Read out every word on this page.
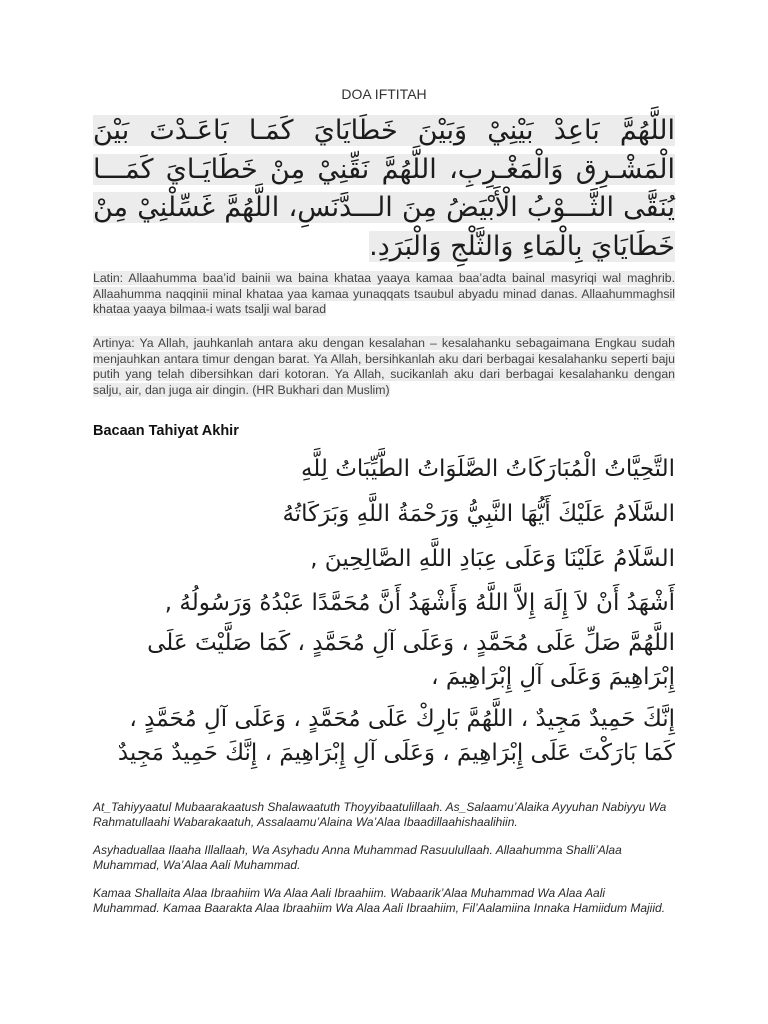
DOA IFTITAH
اللَّهُمَّ بَاعِدْ بَيْنِيْ وَبَيْنَ خَطَايَايَ كَمَـا بَاعَـدْتَ بَيْنَ الْمَشْـرِق وَالْمَغْـرِبِ، اللَّهُمَّ نَقِّنِيْ مِنْ خَطَايَـايَ كَمَـــا يُنَقَّى الثَّـــوْبُ الْأَبْيَضُ مِنَ الـــدَّنَسِ، اللَّهُمَّ غَسِّلْنِيْ مِنْ خَطَايَايَ بِالْمَاءِ وَالثَّلْجِ وَالْبَرَدِ.
Latin: Allaahumma baa’id bainii wa baina khataa yaaya kamaa baa’adta bainal masyriqi wal maghrib. Allaahumma naqqinii minal khataa yaa kamaa yunaqqats tsaubul abyadu minad danas. Allaahummaghsil khataa yaaya bilmaa-i wats tsalji wal barad
Artinya: Ya Allah, jauhkanlah antara aku dengan kesalahan – kesalahanku sebagaimana Engkau sudah menjauhkan antara timur dengan barat. Ya Allah, bersihkanlah aku dari berbagai kesalahanku seperti baju putih yang telah dibersihkan dari kotoran. Ya Allah, sucikanlah aku dari berbagai kesalahanku dengan salju, air, dan juga air dingin. (HR Bukhari dan Muslim)
Bacaan Tahiyat Akhir
التَّحِيَّاتُ الْمُبَارَكَاتُ الصَّلَوَاتُ الطَّيِّبَاتُ لِلَّهِ
السَّلَامُ عَلَيْكَ أَيُّهَا النَّبِيُّ وَرَحْمَةُ اللَّهِ وَبَرَكَاتُهُ
السَّلَامُ عَلَيْنَا وَعَلَى عِبَادِ اللَّهِ الصَّالِحِينَ ,
أَشْهَدُ أَنْ لاَ إِلَهَ إِلاَّ اللَّهُ وَأَشْهَدُ أَنَّ مُحَمَّدًا عَبْدُهُ وَرَسُولُهُ ,
اللَّهُمَّ صَلِّ عَلَى مُحَمَّدٍ ، وَعَلَى آلِ مُحَمَّدٍ ، كَمَا صَلَّيْتَ عَلَى إِبْرَاهِيمَ وَعَلَى آلِ إِبْرَاهِيمَ ،
إِنَّكَ حَمِيدٌ مَجِيدٌ ، اللَّهُمَّ بَارِكْ عَلَى مُحَمَّدٍ ، وَعَلَى آلِ مُحَمَّدٍ ، كَمَا بَارَكْتَ عَلَى إِبْرَاهِيمَ ، وَعَلَى آلِ إِبْرَاهِيمَ ، إِنَّكَ حَمِيدٌ مَجِيدٌ
At_Tahiyyaatul Mubaarakaatush Shalawaatuth Thoyyibaatulillaah. As_Salaamu’Alaika Ayyuhan Nabiyyu Wa Rahmatullaahi Wabarakaatuh, Assalaamu’Alaina Wa’Alaa Ibaadillaahishaalihiin.
Asyhaduallaa Ilaaha Illallaah, Wa Asyhadu Anna Muhammad Rasuulullaah. Allaahumma Shalli’Alaa Muhammad, Wa’Alaa Aali Muhammad.
Kamaa Shallaita Alaa Ibraahiim Wa Alaa Aali Ibraahiim. Wabaarik’Alaa Muhammad Wa Alaa Aali Muhammad. Kamaa Baarakta Alaa Ibraahiim Wa Alaa Aali Ibraahiim, Fil’Aalamiina Innaka Hamiidum Majiid.
